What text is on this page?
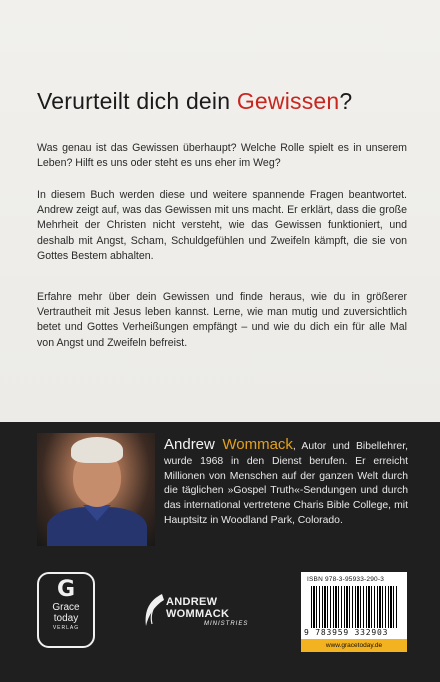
Verurteilt dich dein Gewissen?

Was genau ist das Gewissen überhaupt? Welche Rolle spielt es in unserem Leben? Hilft es uns oder steht es uns eher im Weg?

In diesem Buch werden diese und weitere spannende Fragen beantwortet. Andrew zeigt auf, was das Gewissen mit uns macht. Er erklärt, dass die große Mehrheit der Christen nicht versteht, wie das Gewissen funktioniert, und deshalb mit Angst, Scham, Schuldgefühlen und Zweifeln kämpft, die sie von Gottes Bestem abhalten.

Erfahre mehr über dein Gewissen und finde heraus, wie du in größerer Vertrautheit mit Jesus leben kannst. Lerne, wie man mutig und zuversichtlich betet und Gottes Verheißungen empfängt – und wie du dich ein für alle Mal von Angst und Zweifeln befreist.

Andrew Wommack, Autor und Bibellehrer, wurde 1968 in den Dienst berufen. Er erreicht Millionen von Menschen auf der ganzen Welt durch die täglichen »Gospel Truth«-Sendungen und durch das international vertretene Charis Bible College, mit Hauptsitz in Woodland Park, Colorado.

G
Grace
today
VERLAG
ANDREW
WOMMACK
MINISTRIES
ISBN 978-3-95933-290-3
9 783959 332903
www.gracetoday.de
